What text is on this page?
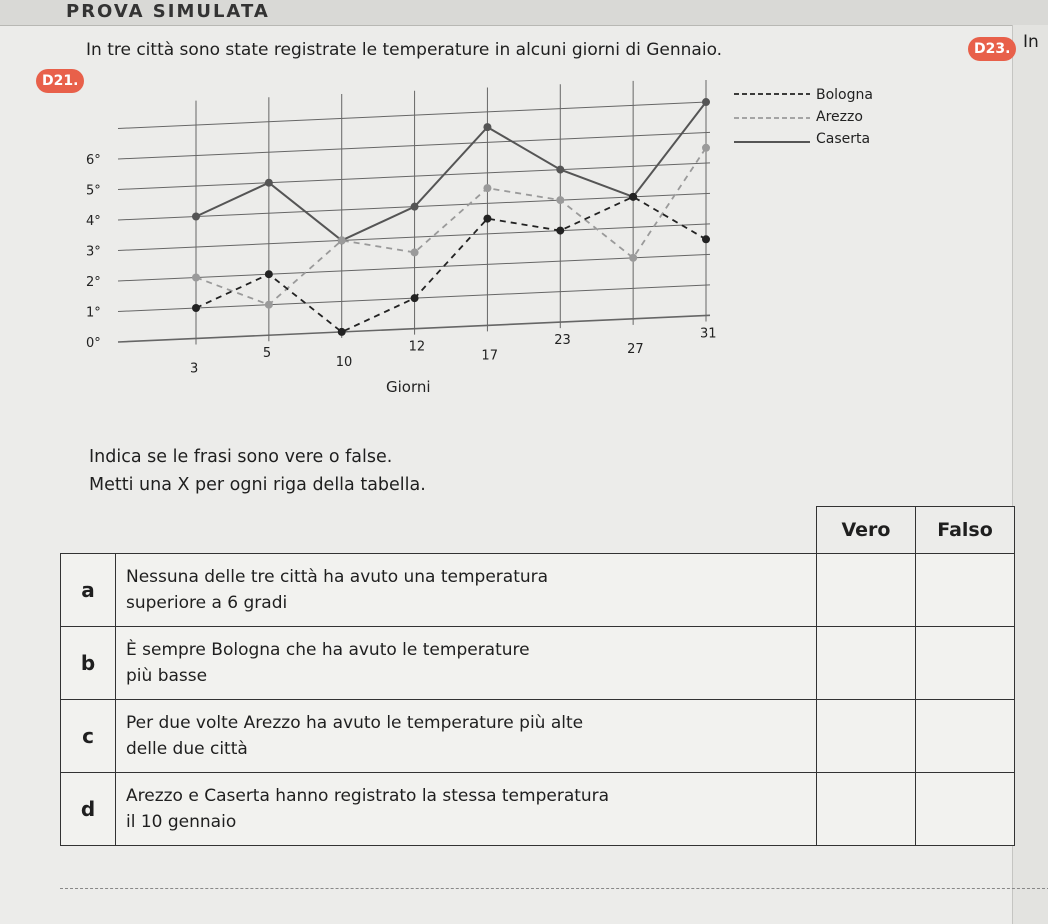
PROVA SIMULATA
D23. In
D21.
In tre città sono state registrate le temperature in alcuni giorni di Gennaio.
0°
1°
2°
3°
4°
5°
6°
3
5
10
12
17
23
27
31
Giorni
Bologna
Arezzo
Caserta
Indica se le frasi sono vere o false.
Metti una X per ogni riga della tabella.
		Vero	Falso
a	Nessuna delle tre città ha avuto una temperatura
superiore a 6 gradi		

b	È sempre Bologna che ha avuto le temperature
più basse		

c	Per due volte Arezzo ha avuto le temperature più alte
delle due città		

d	Arezzo e Caserta hanno registrato la stessa temperatura
il 10 gennaio		
